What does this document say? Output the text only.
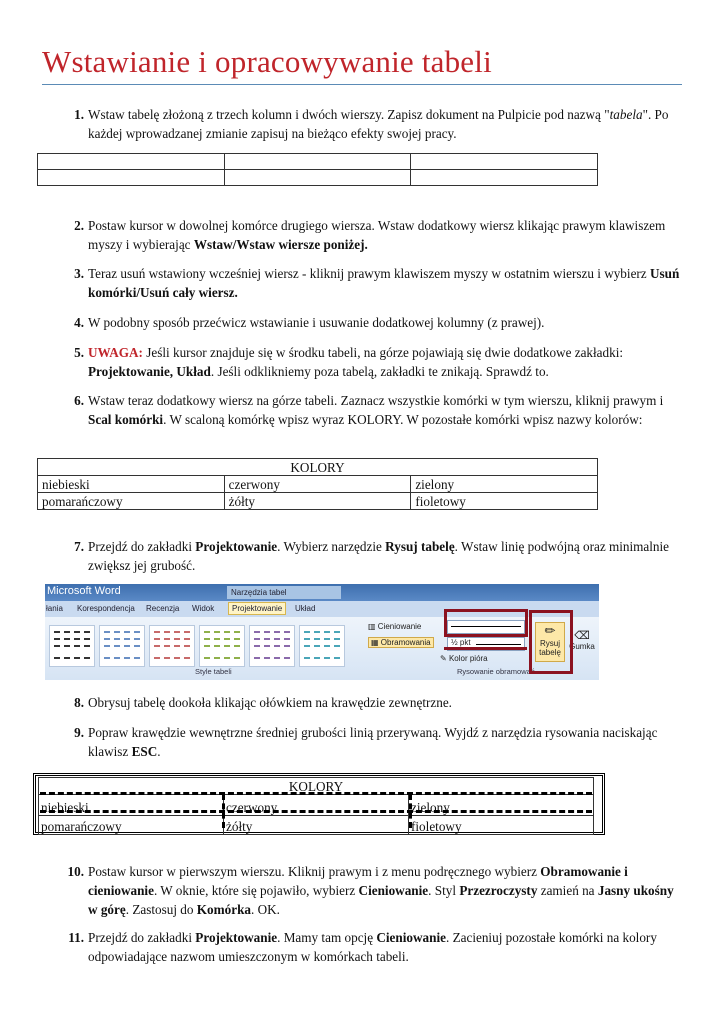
Wstawianie i opracowywanie tabeli
1. Wstaw tabelę złożoną z trzech kolumn i dwóch wierszy. Zapisz dokument na Pulpicie pod nazwą "tabela". Po każdej wprowadzanej zmianie zapisuj na bieżąco efekty swojej pracy.

2. Postaw kursor w dowolnej komórce drugiego wiersza. Wstaw dodatkowy wiersz klikając prawym klawiszem myszy i wybierając Wstaw/Wstaw wiersze poniżej.
3. Teraz usuń wstawiony wcześniej wiersz - kliknij prawym klawiszem myszy w ostatnim wierszu i wybierz Usuń komórki/Usuń cały wiersz.
4. W podobny sposób przećwicz wstawianie i usuwanie dodatkowej kolumny (z prawej).
5. UWAGA: Jeśli kursor znajduje się w środku tabeli, na górze pojawiają się dwie dodatkowe zakładki: Projektowanie, Układ. Jeśli odklikniemy poza tabelą, zakładki te znikają. Sprawdź to.
6. Wstaw teraz dodatkowy wiersz na górze tabeli. Zaznacz wszystkie komórki w tym wierszu, kliknij prawym i Scal komórki. W scaloną komórkę wpisz wyraz KOLORY. W pozostałe komórki wpisz nazwy kolorów:
KOLORY		
niebieski	czerwony	zielony
pomarańczowy	żółty	fioletowy
7. Przejdź do zakładki Projektowanie. Wybierz narzędzie Rysuj tabelę. Wstaw linię podwójną oraz minimalnie zwiększ jej grubość.
Microsoft Word	Narzędzia tabel
łania Korespondencja Recenzja Widok	Projektowanie	Układ
Style tabeli
▥ Cieniowanie
▦ Obramowania	½ pkt
✎ Kolor pióra
✏
Rysuj tabelę
⌫
Gumka
Rysowanie obramowań
8. Obrysuj tabelę dookoła klikając ołówkiem na krawędzie zewnętrzne.
9. Popraw krawędzie wewnętrzne średniej grubości linią przerywaną. Wyjdź z narzędzia rysowania naciskając klawisz ESC.
KOLORY		
niebieski	czerwony	zielony
pomarańczowy	żółty	fioletowy
10. Postaw kursor w pierwszym wierszu. Kliknij prawym i z menu podręcznego wybierz Obramowanie i cieniowanie. W oknie, które się pojawiło, wybierz Cieniowanie. Styl Przezroczysty zamień na Jasny ukośny w górę. Zastosuj do Komórka. OK.
11. Przejdź do zakładki Projektowanie. Mamy tam opcję Cieniowanie. Zacieniuj pozostałe komórki na kolory odpowiadające nazwom umieszczonym w komórkach tabeli.
